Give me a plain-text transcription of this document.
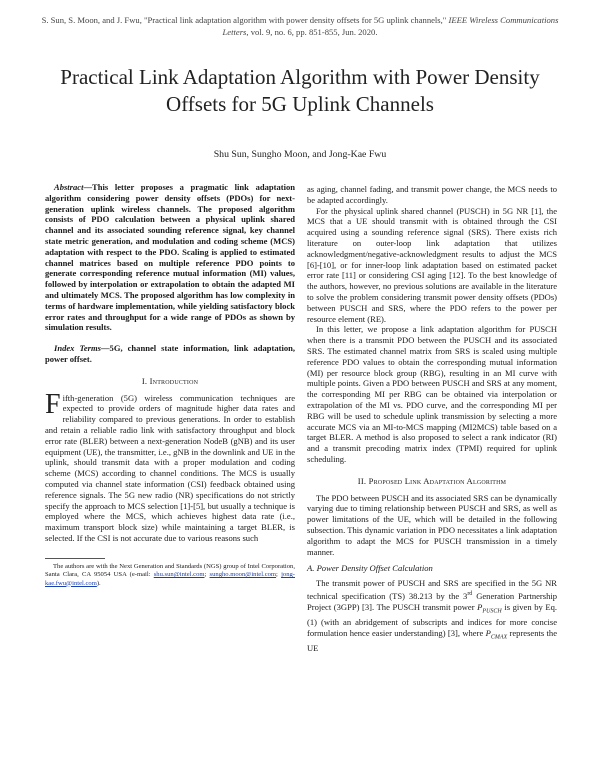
S. Sun, S. Moon, and J. Fwu, "Practical link adaptation algorithm with power density offsets for 5G uplink channels," IEEE Wireless Communications Letters, vol. 9, no. 6, pp. 851-855, Jun. 2020.
Practical Link Adaptation Algorithm with Power Density Offsets for 5G Uplink Channels
Shu Sun, Sungho Moon, and Jong-Kae Fwu

Abstract—This letter proposes a pragmatic link adaptation algorithm considering power density offsets (PDOs) for next-generation uplink wireless channels. The proposed algorithm consists of PDO calculation between a physical uplink shared channel and its associated sounding reference signal, key channel state metric generation, and modulation and coding scheme (MCS) adaptation with respect to the PDO. Scaling is applied to estimated channel matrices based on multiple reference PDO points to generate corresponding reference mutual information (MI) values, followed by interpolation or extrapolation to obtain the adapted MI and ultimately MCS. The proposed algorithm has low complexity in terms of hardware implementation, while yielding satisfactory block error rates and throughput for a wide range of PDOs as shown by simulation results.

Index Terms—5G, channel state information, link adaptation, power offset.

I. Introduction
Fifth-generation (5G) wireless communication techniques are expected to provide orders of magnitude higher data rates and reliability compared to previous generations. In order to establish and retain a reliable radio link with satisfactory throughput and block error rate (BLER) between a next-generation NodeB (gNB) and its user equipment (UE), the transmitter, i.e., gNB in the downlink and UE in the uplink, should transmit data with a proper modulation and coding scheme (MCS) according to channel conditions. The MCS is usually computed via channel state information (CSI) feedback obtained using reference signals. The 5G new radio (NR) specifications do not strictly specify the approach to MCS selection [1]-[5], but usually a technique is employed where the MCS, which achieves highest data rate (i.e., maximum transport block size) while maintaining a target BLER, is selected. If the CSI is not accurate due to various reasons such
The authors are with the Next Generation and Standards (NGS) group of Intel Corporation, Santa Clara, CA 95054 USA (e-mail: shu.sun@intel.com; sungho.moon@intel.com; jong-kae.fwu@intel.com).
as aging, channel fading, and transmit power change, the MCS needs to be adapted accordingly.
For the physical uplink shared channel (PUSCH) in 5G NR [1], the MCS that a UE should transmit with is obtained through the CSI acquired using a sounding reference signal (SRS). There exists rich literature on outer-loop link adaptation that utilizes acknowledgment/negative-acknowledgment results to adjust the MCS [6]-[10], or for inner-loop link adaptation based on estimated packet error rate [11] or considering CSI aging [12]. To the best knowledge of the authors, however, no previous solutions are available in the literature to solve the problem considering transmit power density offsets (PDOs) between PUSCH and SRS, where the PDO refers to the power per resource element (RE).
In this letter, we propose a link adaptation algorithm for PUSCH when there is a transmit PDO between the PUSCH and its associated SRS. The estimated channel matrix from SRS is scaled using multiple reference PDO values to obtain the corresponding mutual information (MI) per resource block group (RBG), resulting in an MI curve with multiple points. Given a PDO between PUSCH and SRS at any moment, the corresponding MI per RBG can be obtained via interpolation or extrapolation of the MI vs. PDO curve, and the corresponding MI per RBG will be used to schedule uplink transmission by selecting a more accurate MCS via an MI-to-MCS mapping (MI2MCS) table based on a target BLER. A method is also proposed to select a rank indicator (RI) and a transmit precoding matrix index (TPMI) required for uplink scheduling.
II. Proposed Link Adaptation Algorithm
The PDO between PUSCH and its associated SRS can be dynamically varying due to timing relationship between PUSCH and SRS, as well as power limitations of the UE, which will be detailed in the following subsection. This dynamic variation in PDO necessitates a link adaptation algorithm to adapt the MCS for PUSCH transmission in a timely manner.
A. Power Density Offset Calculation
The transmit power of PUSCH and SRS are specified in the 5G NR technical specification (TS) 38.213 by the 3rd Generation Partnership Project (3GPP) [3]. The PUSCH transmit power $P_{PUSCH}$ is given by Eq. (1) (with an abridgement of subscripts and indices for more concise formulation hence easier understanding) [3], where $P_{CMAX}$ represents the UE
